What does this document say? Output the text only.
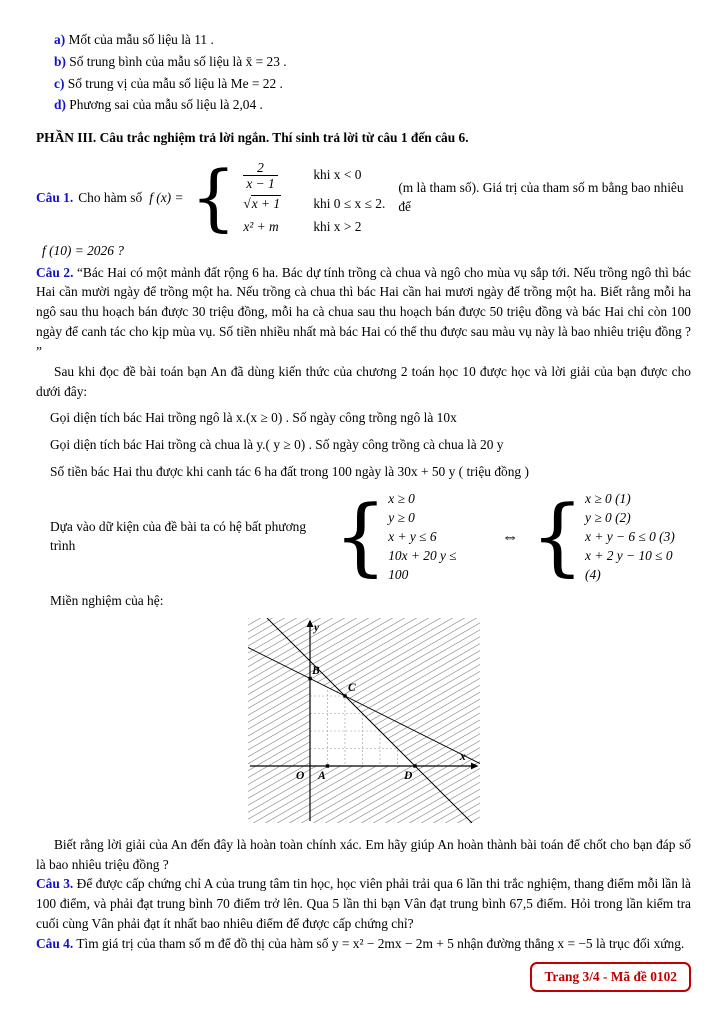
a) Mốt của mẫu số liệu là 11 .

b) Số trung bình của mẫu số liệu là x̄ = 23 .

c) Số trung vị của mẫu số liệu là Me = 22 .

d) Phương sai của mẫu số liệu là 2,04 .

PHẦN III. Câu trắc nghiệm trả lời ngắn. Thí sinh trả lời từ câu 1 đến câu 6.

Câu 1. Cho hàm số f (x) = { $\frac{2}{x - 1}$	khi x < 0
√x + 1	khi 0 ≤ x ≤ 2.
x² + m	khi x > 2
(m là tham số). Giá trị của tham số m bằng bao nhiêu để

f (10) = 2026 ?

Câu 2. “Bác Hai có một mảnh đất rộng 6 ha. Bác dự tính trồng cà chua và ngô cho mùa vụ sắp tới. Nếu trồng ngô thì bác Hai cần mười ngày để trồng một ha. Nếu trồng cà chua thì bác Hai cần hai mươi ngày để trồng một ha. Biết rằng mỗi ha ngô sau thu hoạch bán được 30 triệu đồng, mỗi ha cà chua sau thu hoạch bán được 50 triệu đồng và bác Hai chỉ còn 100 ngày để canh tác cho kịp mùa vụ. Số tiền nhiều nhất mà bác Hai có thể thu được sau màu vụ này là bao nhiêu triệu đồng ? ”

Sau khi đọc đề bài toán bạn An đã dùng kiến thức của chương 2 toán học 10 được học và lời giải của bạn được cho dưới đây:

Gọi diện tích bác Hai trồng ngô là x.(x ≥ 0) . Số ngày công trồng ngô là 10x

Gọi diện tích bác Hai trồng cà chua là y.( y ≥ 0) . Số ngày công trồng cà chua là 20 y

Số tiền bác Hai thu được khi canh tác 6 ha đất trong 100 ngày là 30x + 50 y ( triệu đồng )

Dựa vào dữ kiện của đề bài ta có hệ bất phương trình	{ x ≥ 0
y ≥ 0
x + y ≤ 6
10x + 20 y ≤ 100
⇔ { x ≥ 0 (1)
y ≥ 0 (2)
x + y − 6 ≤ 0 (3)
x + 2 y − 10 ≤ 0 (4)

Miền nghiệm của hệ:

y
x
B
C
O A	D

Biết rằng lời giải của An đến đây là hoàn toàn chính xác. Em hãy giúp An hoàn thành bài toán để chốt cho bạn đáp số là bao nhiêu triệu đồng ?

Câu 3. Để được cấp chứng chỉ A của trung tâm tin học, học viên phải trải qua 6 lần thi trắc nghiệm, thang điểm mỗi lần là 100 điểm, và phải đạt trung bình 70 điểm trở lên. Qua 5 lần thi bạn Vân đạt trung bình 67,5 điểm. Hỏi trong lần kiểm tra cuối cùng Vân phải đạt ít nhất bao nhiêu điểm để được cấp chứng chỉ?

Câu 4. Tìm giá trị của tham số m để đồ thị của hàm số y = x² − 2mx − 2m + 5 nhận đường thẳng x = −5 là trục đối xứng.

Trang 3/4 - Mã đề 0102
